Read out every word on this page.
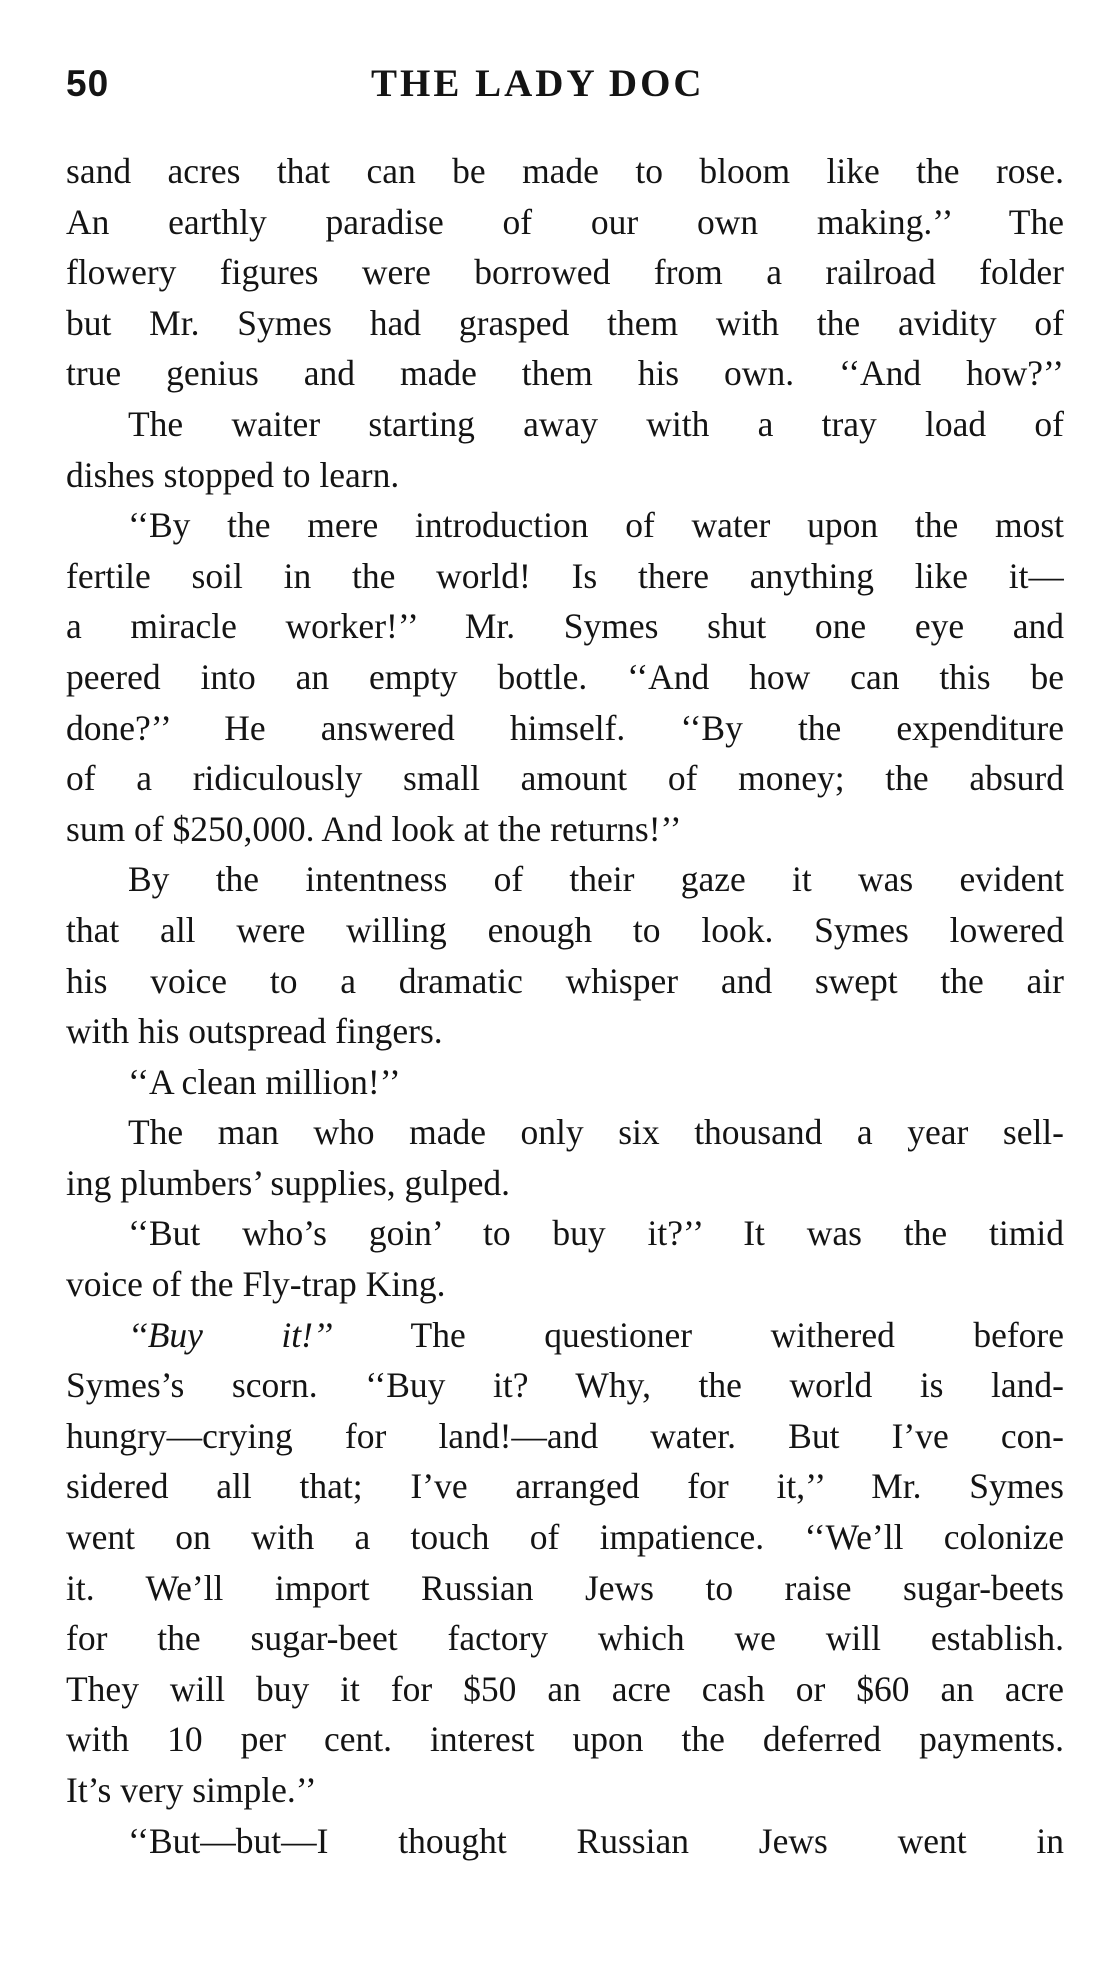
50	THE LADY DOC
sand acres that can be made to bloom like the rose.
An earthly paradise of our own making.’’ The
flowery figures were borrowed from a railroad folder
but Mr. Symes had grasped them with the avidity of
true genius and made them his own. ‘‘And how?’’
The waiter starting away with a tray load of
dishes stopped to learn.
‘‘By the mere introduction of water upon the most
fertile soil in the world! Is there anything like it—
a miracle worker!’’ Mr. Symes shut one eye and
peered into an empty bottle. ‘‘And how can this be
done?’’ He answered himself. ‘‘By the expenditure
of a ridiculously small amount of money; the absurd
sum of $250,000. And look at the returns!’’
By the intentness of their gaze it was evident
that all were willing enough to look. Symes lowered
his voice to a dramatic whisper and swept the air
with his outspread fingers.
‘‘A clean million!’’
The man who made only six thousand a year sell-
ing plumbers’ supplies, gulped.
‘‘But who’s goin’ to buy it?’’ It was the timid
voice of the Fly-trap King.
‘‘Buy it!’’ The questioner withered before
Symes’s scorn. ‘‘Buy it? Why, the world is land-
hungry—crying for land!—and water. But I’ve con-
sidered all that; I’ve arranged for it,’’ Mr. Symes
went on with a touch of impatience. ‘‘We’ll colonize
it. We’ll import Russian Jews to raise sugar-beets
for the sugar-beet factory which we will establish.
They will buy it for $50 an acre cash or $60 an acre
with 10 per cent. interest upon the deferred payments.
It’s very simple.’’
‘‘But—but—I thought Russian Jews went in
